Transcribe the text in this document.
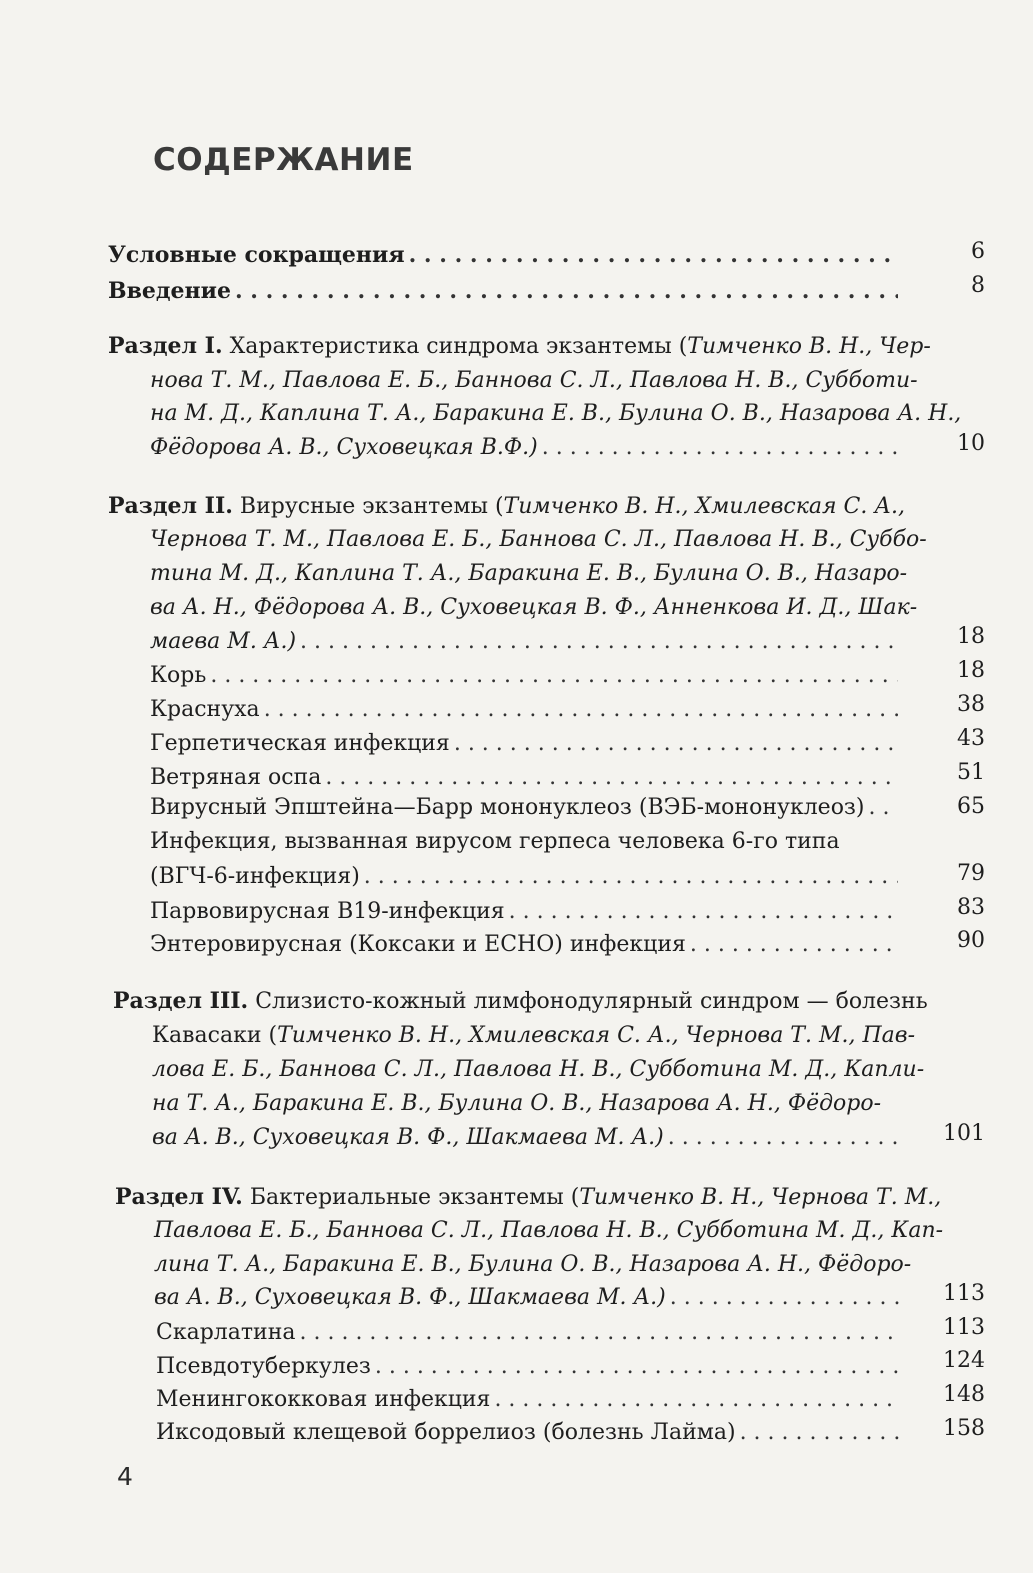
СОДЕРЖАНИЕ
Условные сокращения . . .	6
Введение . . .	8
Раздел I. Характеристика синдрома экзантемы (Тимченко В. Н., Чер-
нова Т. М., Павлова Е. Б., Баннова С. Л., Павлова Н. В., Субботи-
на М. Д., Каплина Т. А., Баракина Е. В., Булина О. В., Назарова А. Н.,
Фёдорова А. В., Суховецкая В.Ф.) . . .	10
Раздел II. Вирусные экзантемы (Тимченко В. Н., Хмилевская С. А.,
Чернова Т. М., Павлова Е. Б., Баннова С. Л., Павлова Н. В., Суббо-
тина М. Д., Каплина Т. А., Баракина Е. В., Булина О. В., Назаро-
ва А. Н., Фёдорова А. В., Суховецкая В. Ф., Анненкова И. Д., Шак-
маева М. А.) . . .	18
Корь . . .	18
Краснуха . . .	38
Герпетическая инфекция . . .	43
Ветряная оспа . . .	51
Вирусный Эпштейна—Барр мононуклеоз (ВЭБ-мононуклеоз) . . .	65
Инфекция, вызванная вирусом герпеса человека 6-го типа
(ВГЧ-6-инфекция) . . .	79
Парвовирусная В19-инфекция . . .	83
Энтеровирусная (Коксаки и ЕСНО) инфекция . . .	90
Раздел III. Слизисто-кожный лимфонодулярный синдром — болезнь
Кавасаки (Тимченко В. Н., Хмилевская С. А., Чернова Т. М., Пав-
лова Е. Б., Баннова С. Л., Павлова Н. В., Субботина М. Д., Капли-
на Т. А., Баракина Е. В., Булина О. В., Назарова А. Н., Фёдоро-
ва А. В., Суховецкая В. Ф., Шакмаева М. А.) . . .	101
Раздел IV. Бактериальные экзантемы (Тимченко В. Н., Чернова Т. М.,
Павлова Е. Б., Баннова С. Л., Павлова Н. В., Субботина М. Д., Кап-
лина Т. А., Баракина Е. В., Булина О. В., Назарова А. Н., Фёдоро-
ва А. В., Суховецкая В. Ф., Шакмаева М. А.) . . .	113
Скарлатина . . .	113
Псевдотуберкулез . . .	124
Менингококковая инфекция . . .	148
Иксодовый клещевой боррелиоз (болезнь Лайма) . . .	158
4
